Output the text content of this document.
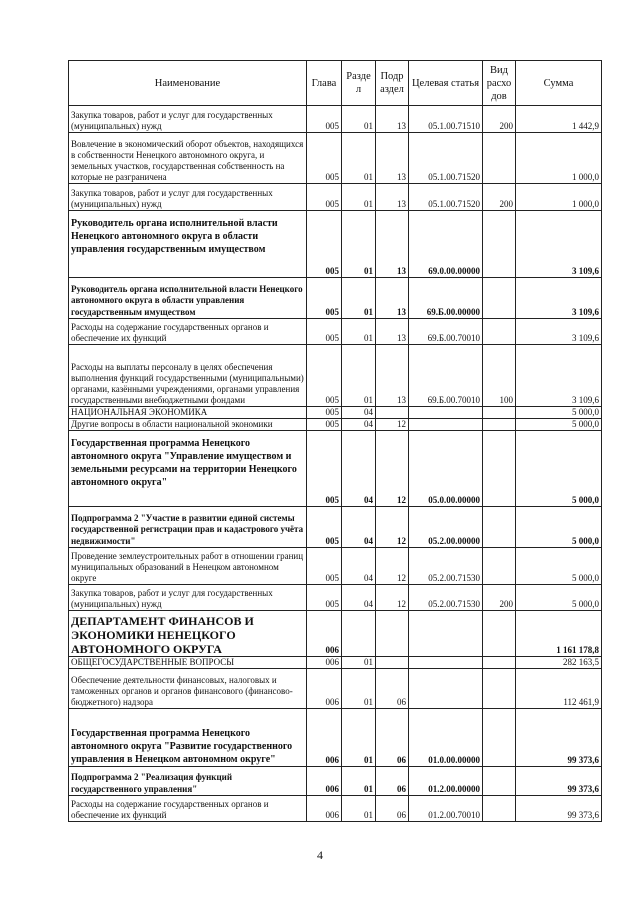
Наименование	Глава	Разде л	Подр аздел	Целевая статья	Вид расхо дов	Сумма
Закупка товаров, работ и услуг для государственных (муниципальных) нужд	005	01	13	05.1.00.71510	200	1 442,9
Вовлечение в экономический оборот объектов, находящихся в собственности Ненецкого автономного округа, и земельных участков, государственная собственность на которые не разграничена	005	01	13	05.1.00.71520		1 000,0
Закупка товаров, работ и услуг для государственных (муниципальных) нужд	005	01	13	05.1.00.71520	200	1 000,0
Руководитель органа исполнительной власти Ненецкого автономного округа в области управления государственным имуществом	005	01	13	69.0.00.00000		3 109,6
Руководитель органа исполнительной власти Ненецкого автономного округа в области управления государственным имуществом	005	01	13	69.Б.00.00000		3 109,6
Расходы на содержание государственных органов и обеспечение их функций	005	01	13	69.Б.00.70010		3 109,6
Расходы на выплаты персоналу в целях обеспечения выполнения функций государственными (муниципальными) органами, казёнными учреждениями, органами управления государственными внебюджетными фондами	005	01	13	69.Б.00.70010	100	3 109,6
НАЦИОНАЛЬНАЯ ЭКОНОМИКА	005	04				5 000,0
Другие вопросы в области национальной экономики	005	04	12			5 000,0
Государственная программа Ненецкого автономного округа "Управление имуществом и земельными ресурсами на территории Ненецкого автономного округа"	005	04	12	05.0.00.00000		5 000,0
Подпрограмма 2 "Участие в развитии единой системы государственной регистрации прав и кадастрового учёта недвижимости"	005	04	12	05.2.00.00000		5 000,0
Проведение землеустроительных работ в отношении границ муниципальных образований в Ненецком автономном округе	005	04	12	05.2.00.71530		5 000,0
Закупка товаров, работ и услуг для государственных (муниципальных) нужд	005	04	12	05.2.00.71530	200	5 000,0
ДЕПАРТАМЕНТ ФИНАНСОВ И ЭКОНОМИКИ НЕНЕЦКОГО АВТОНОМНОГО ОКРУГА	006					1 161 178,8
ОБЩЕГОСУДАРСТВЕННЫЕ ВОПРОСЫ	006	01				282 163,5
Обеспечение деятельности финансовых, налоговых и таможенных органов и органов финансового (финансово-бюджетного) надзора	006	01	06			112 461,9
Государственная программа Ненецкого автономного округа "Развитие государственного управления в Ненецком автономном округе"	006	01	06	01.0.00.00000		99 373,6
Подпрограмма 2 "Реализация функций государственного управления"	006	01	06	01.2.00.00000		99 373,6
Расходы на содержание государственных органов и обеспечение их функций	006	01	06	01.2.00.70010		99 373,6
4
